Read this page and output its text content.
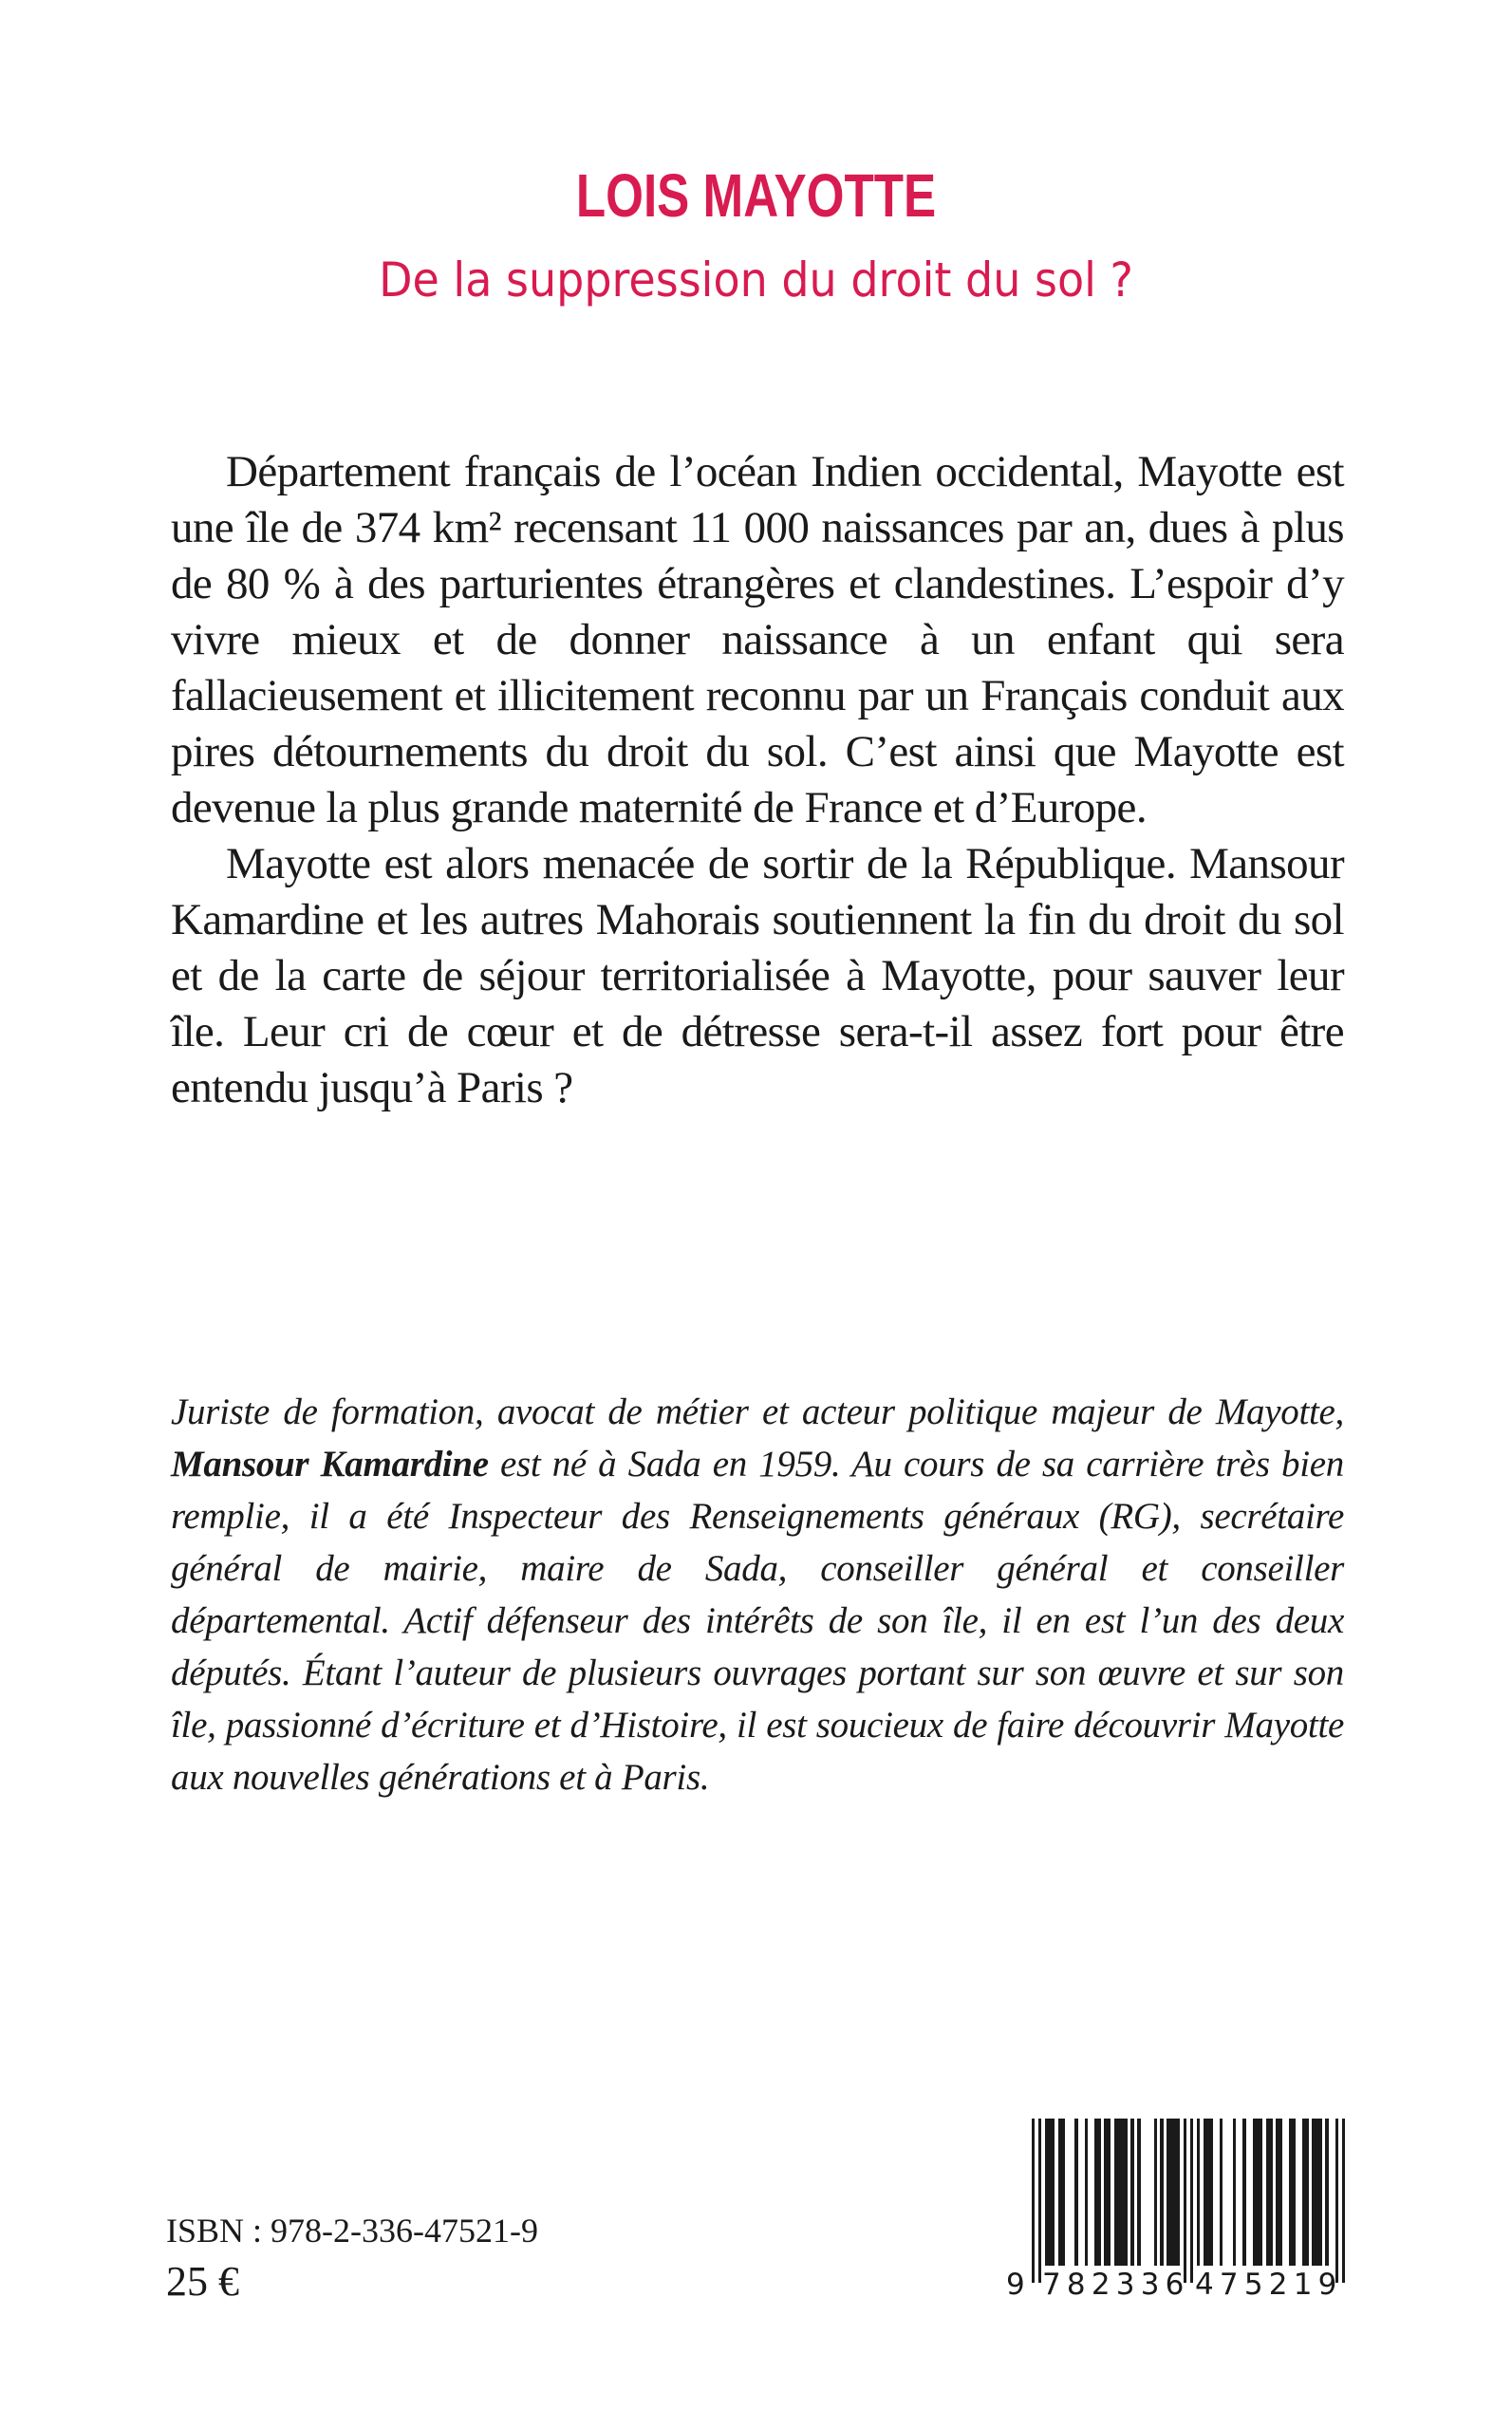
LOIS MAYOTTE
De la suppression du droit du sol ?

Département français de l’océan Indien occidental, Mayotte est une île de 374 km² recensant 11 000 naissances par an, dues à plus de 80 % à des parturientes étrangères et clandestines. L’espoir d’y vivre mieux et de donner naissance à un enfant qui sera fallacieusement et illicitement reconnu par un Français conduit aux pires détournements du droit du sol. C’est ainsi que Mayotte est devenue la plus grande maternité de France et d’Europe.

Mayotte est alors menacée de sortir de la République. Mansour Kamardine et les autres Mahorais soutiennent la fin du droit du sol et de la carte de séjour territorialisée à Mayotte, pour sauver leur île. Leur cri de cœur et de détresse sera-t-il assez fort pour être entendu jusqu’à Paris ?

Juriste de formation, avocat de métier et acteur politique majeur de Mayotte, Mansour Kamardine est né à Sada en 1959. Au cours de sa carrière très bien remplie, il a été Inspecteur des Renseignements généraux (RG), secrétaire général de mairie, maire de Sada, conseiller général et conseiller départemental. Actif défenseur des intérêts de son île, il en est l’un des deux députés. Étant l’auteur de plusieurs ouvrages portant sur son œuvre et sur son île, passionné d’écriture et d’Histoire, il est soucieux de faire découvrir Mayotte aux nouvelles générations et à Paris.

ISBN : 978-2-336-47521-9
25 €	9 782336 475219
